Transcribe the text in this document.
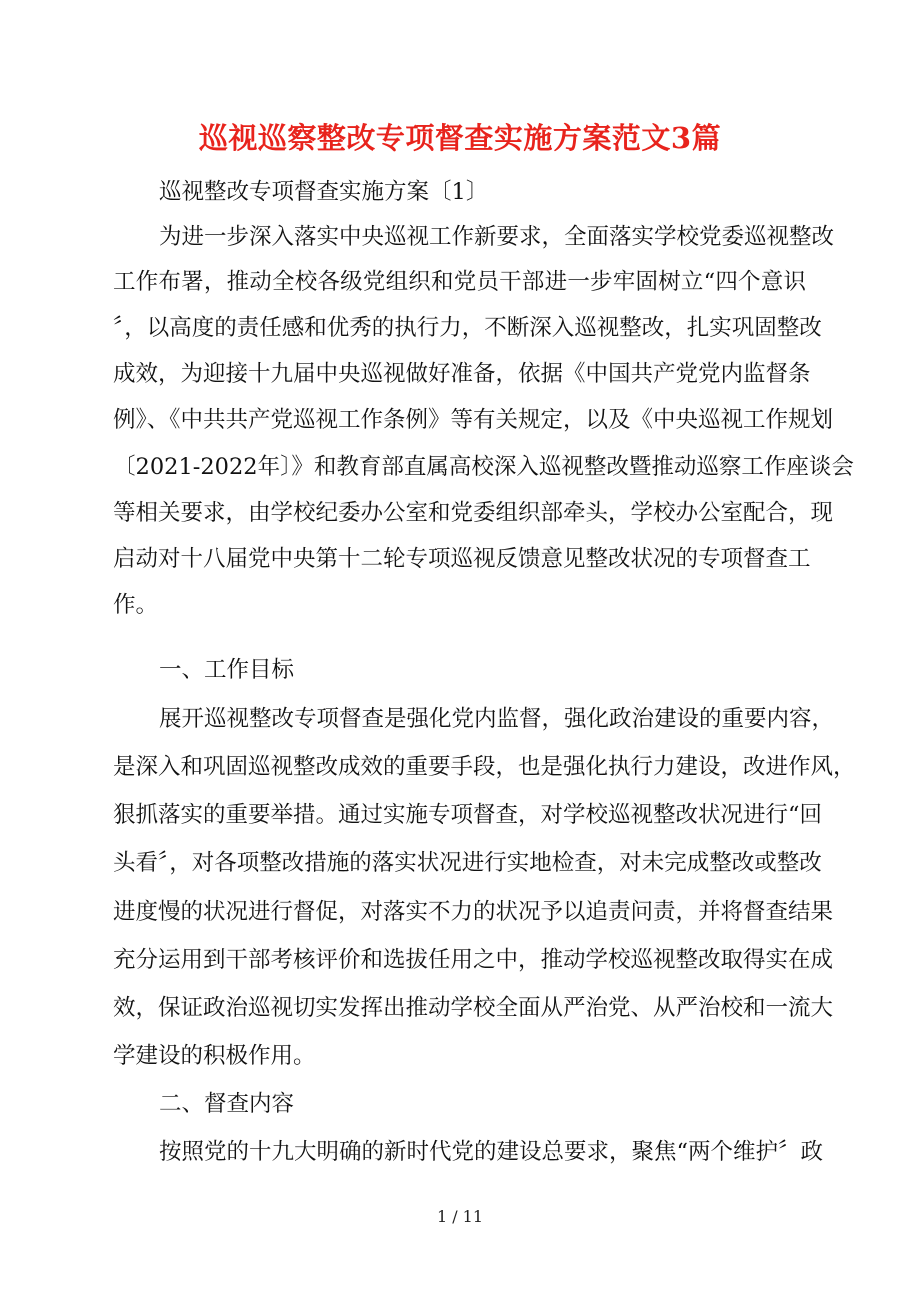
巡视巡察整改专项督查实施方案范文3篇
巡视整改专项督查实施方案〔1〕
为进一步深入落实中央巡视工作新要求，全面落实学校党委巡视整改
工作布署，推动全校各级党组织和党员干部进一步牢固树立“四个意识
〞，以高度的责任感和优秀的执行力，不断深入巡视整改，扎实巩固整改
成效，为迎接十九届中央巡视做好准备，依据《中国共产党党内监督条
例》、《中共共产党巡视工作条例》等有关规定，以及《中央巡视工作规划
〔2021-2022年〕》和教育部直属高校深入巡视整改暨推动巡察工作座谈会
等相关要求，由学校纪委办公室和党委组织部牵头，学校办公室配合，现
启动对十八届党中央第十二轮专项巡视反馈意见整改状况的专项督查工
作。
一、工作目标
展开巡视整改专项督查是强化党内监督，强化政治建设的重要内容，
是深入和巩固巡视整改成效的重要手段，也是强化执行力建设，改进作风，
狠抓落实的重要举措。通过实施专项督查，对学校巡视整改状况进行“回
头看〞，对各项整改措施的落实状况进行实地检查，对未完成整改或整改
进度慢的状况进行督促，对落实不力的状况予以追责问责，并将督查结果
充分运用到干部考核评价和选拔任用之中，推动学校巡视整改取得实在成
效，保证政治巡视切实发挥出推动学校全面从严治党、从严治校和一流大
学建设的积极作用。
二、督查内容
按照党的十九大明确的新时代党的建设总要求，聚焦“两个维护〞政
1 / 11
